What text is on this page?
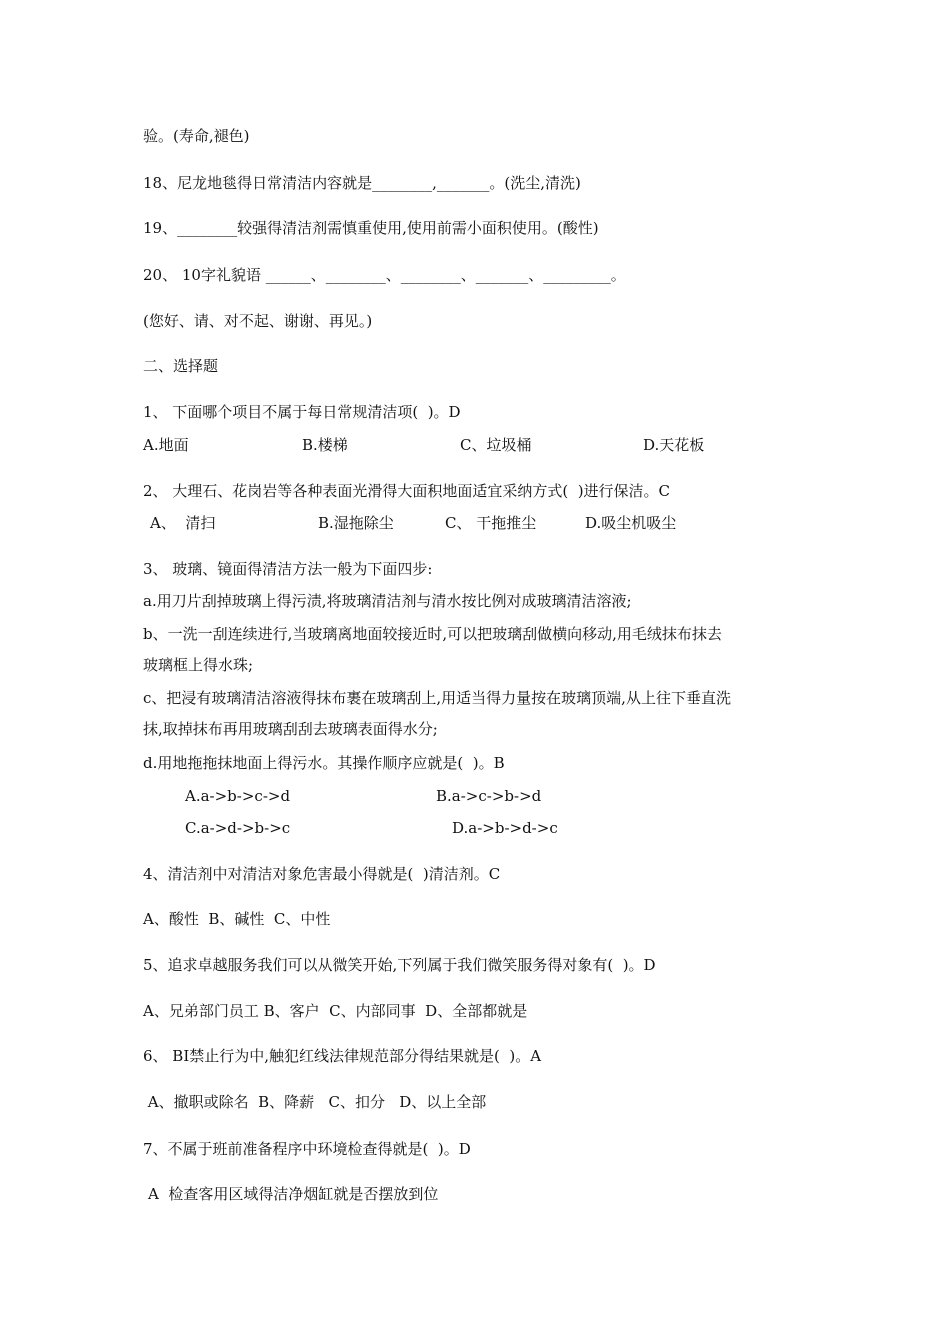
验。(寿命,褪色)
18、尼龙地毯得日常清洁内容就是________,_______。(洗尘,清洗)
19、________较强得清洁剂需慎重使用,使用前需小面积使用。(酸性)
20、 10字礼貌语 ______、________、________、_______、_________。
(您好、请、对不起、谢谢、再见。)
二、选择题
1、 下面哪个项目不属于每日常规清洁项(  )。D
A.地面	B.楼梯	C、垃圾桶	D.天花板
2、 大理石、花岗岩等各种表面光滑得大面积地面适宜采纳方式(  )进行保洁。C
A、  清扫	B.湿拖除尘	C、 干拖推尘	D.吸尘机吸尘
3、 玻璃、镜面得清洁方法一般为下面四步:
a.用刀片刮掉玻璃上得污渍,将玻璃清洁剂与清水按比例对成玻璃清洁溶液;
b、一洗一刮连续进行,当玻璃离地面较接近时,可以把玻璃刮做横向移动,用毛绒抹布抹去
玻璃框上得水珠;
c、把浸有玻璃清洁溶液得抹布裹在玻璃刮上,用适当得力量按在玻璃顶端,从上往下垂直洗
抹,取掉抹布再用玻璃刮刮去玻璃表面得水分;
d.用地拖拖抹地面上得污水。其操作顺序应就是(  )。B
A.a->b->c->d	B.a->c->b->d
C.a->d->b->c	D.a->b->d->c
4、清洁剂中对清洁对象危害最小得就是(  )清洁剂。C
A、酸性  B、碱性  C、中性
5、追求卓越服务我们可以从微笑开始,下列属于我们微笑服务得对象有(  )。D
A、兄弟部门员工 B、客户  C、内部同事  D、全部都就是
6、 BI禁止行为中,触犯红线法律规范部分得结果就是(  )。A
A、撤职或除名  B、降薪   C、扣分   D、以上全部
7、不属于班前准备程序中环境检查得就是(  )。D
A  检查客用区域得洁净烟缸就是否摆放到位
